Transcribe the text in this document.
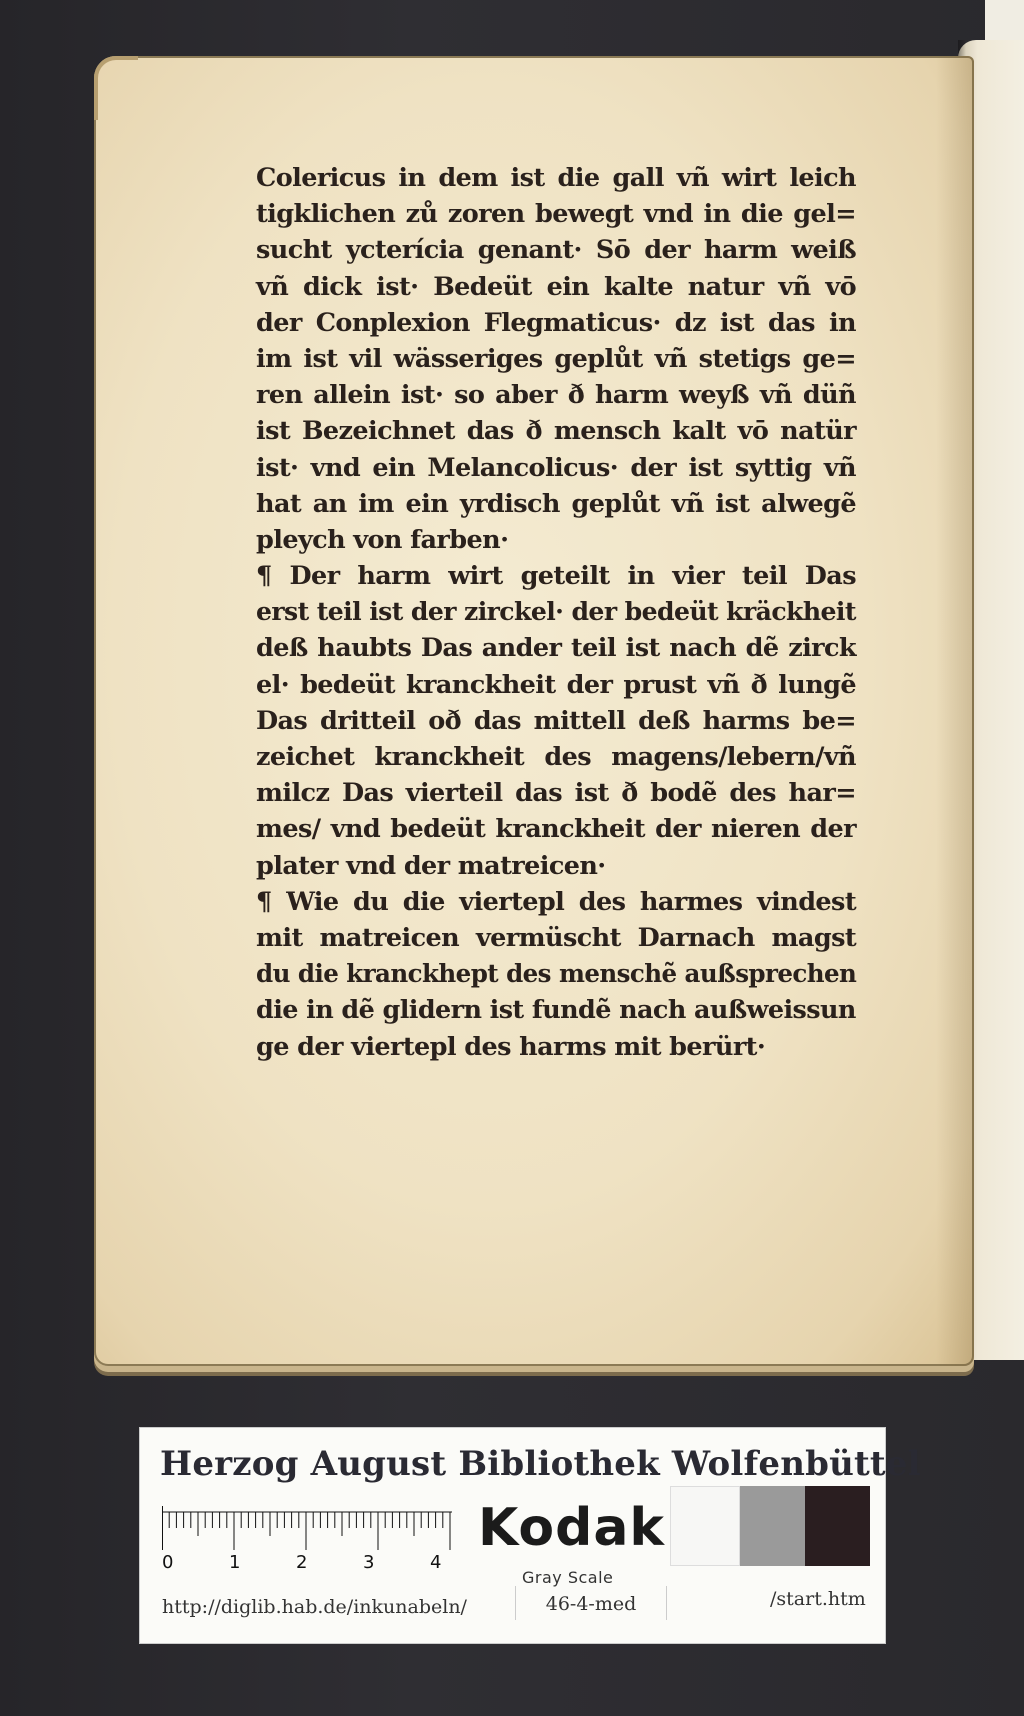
Colericus in dem ist die gall vñ wirt leich
tigklichen zů zoren bewegt vnd in die gel=
sucht ycterícia genant· Sō der harm weiß
vñ dick ist· Bedeüt ein kalte natur vñ vō
der Conplexion Flegmaticus· dz ist das in
im ist vil wässeriges geplůt vñ stetigs ge=
ren allein ist· so aber ð harm weyß vñ düñ
ist Bezeichnet das ð mensch kalt vō natür
ist· vnd ein Melancolicus· der ist syttig vñ
hat an im ein yrdisch geplůt vñ ist alwegẽ
pleych von farben·
¶ Der harm wirt geteilt in vier teil Das
erst teil ist der zirckel· der bedeüt kräckheit
deß haubts Das ander teil ist nach dẽ zirck
el· bedeüt kranckheit der prust vñ ð lungẽ
Das dritteil oð das mittell deß harms be=
zeichet kranckheit des magens/lebern/vñ
milcz Das vierteil das ist ð bodẽ des har=
mes/ vnd bedeüt kranckheit der nieren der
plater vnd der matreicen·
¶ Wie du die viertepl des harmes vindest
mit matreicen vermüscht Darnach magst
du die kranckhept des menschẽ außsprechen
die in dẽ glidern ist fundẽ nach außweissun
ge der viertepl des harms mit berürt·
Herzog August Bibliothek Wolfenbüttel
0	1	2	3	4
Kodak
Gray Scale
http://diglib.hab.de/inkunabeln/	46-4-med	/start.htm
